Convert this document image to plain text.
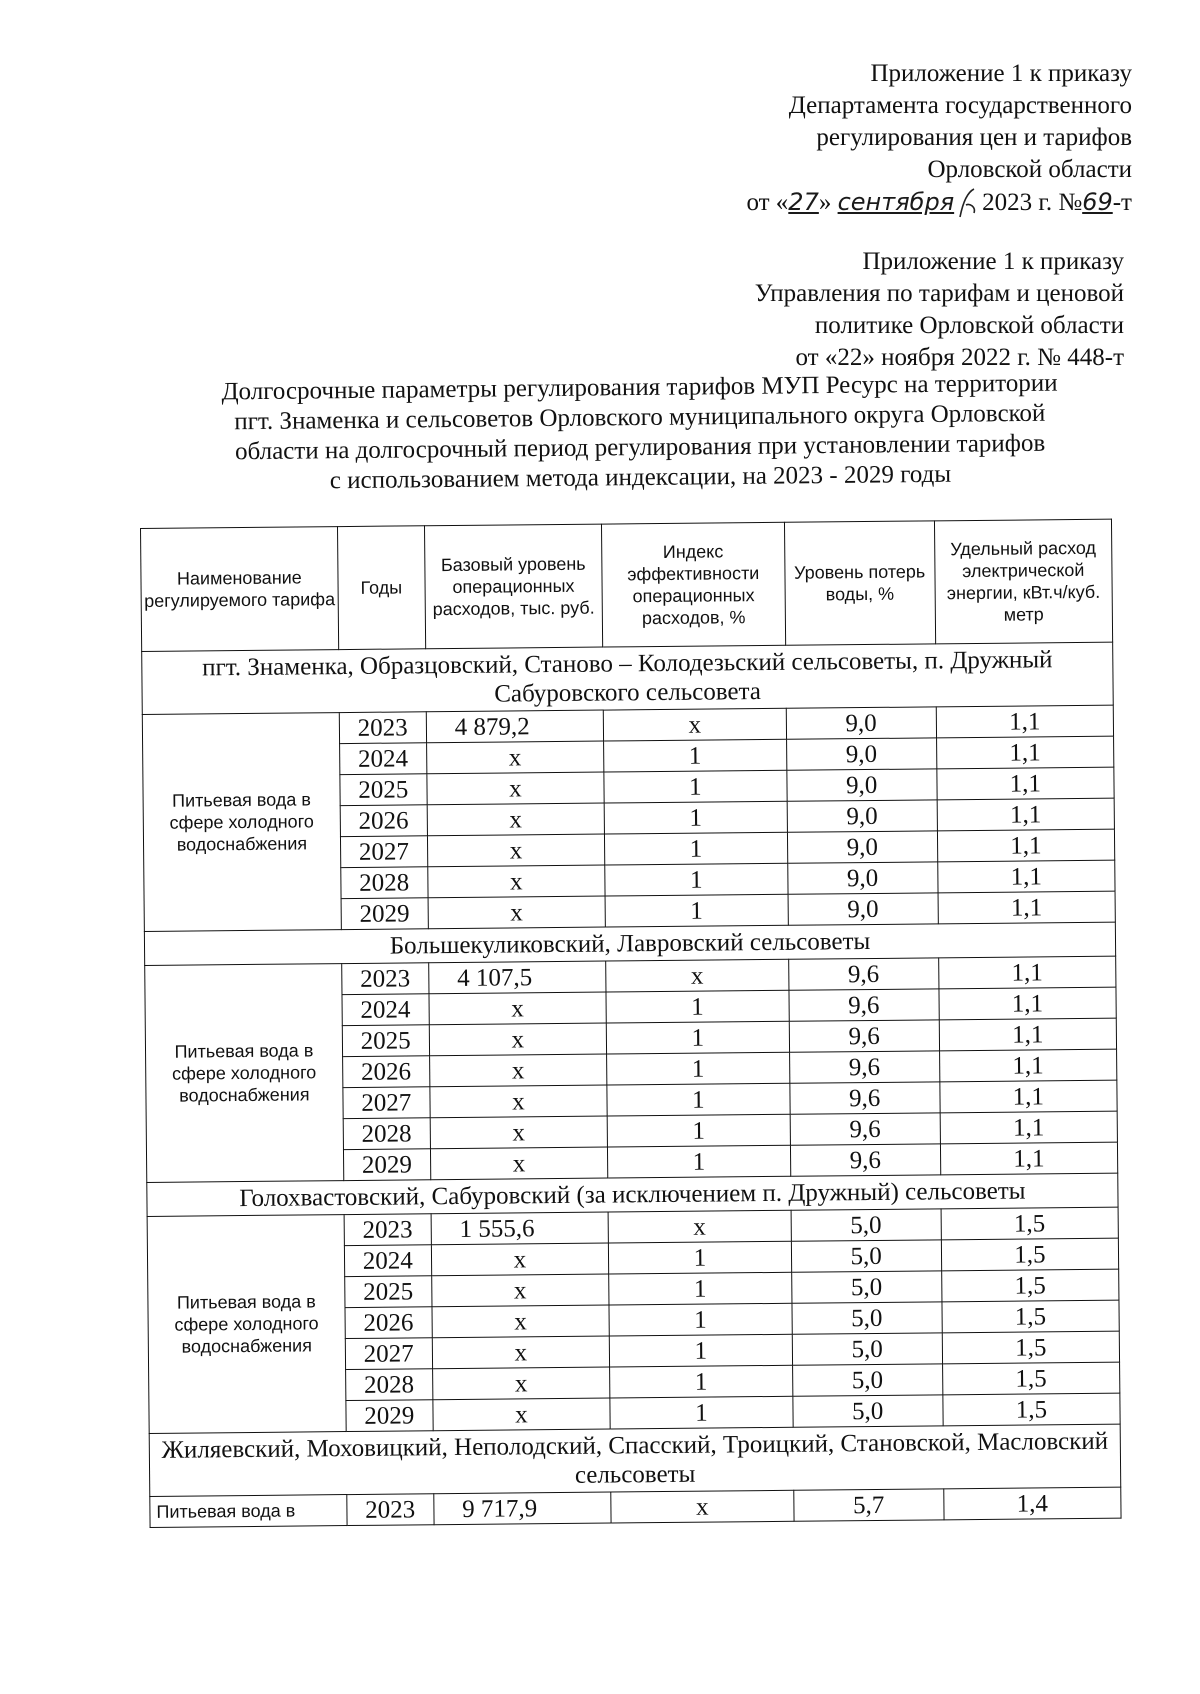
Приложение 1 к приказу
Департамента государственного
регулирования цен и тарифов
Орловской области
от «27» сентября 2023 г. №69-т
Приложение 1 к приказу
Управления по тарифам и ценовой
политике Орловской области
от «22» ноября 2022 г. № 448-т
Долгосрочные параметры регулирования тарифов МУП Ресурс на территории
пгт. Знаменка и сельсоветов Орловского муниципального округа Орловской
области на долгосрочный период регулирования при установлении тарифов
с использованием метода индексации, на 2023 - 2029 годы
Наименование регулируемого тарифа	Годы	Базовый уровень операционных расходов, тыс. руб.	Индекс эффективности операционных расходов, %	Уровень потерь воды, %	Удельный расход электрической энергии, кВт.ч/куб. метр
пгт. Знаменка, Образцовский, Станово – Колодезьский сельсоветы, п. Дружный Сабуровского сельсовета					
Питьевая вода в сфере холодного водоснабжения	2023	4 879,2	х	9,0	1,1
	2024	х	1	9,0	1,1
	2025	х	1	9,0	1,1
	2026	х	1	9,0	1,1
	2027	х	1	9,0	1,1
	2028	х	1	9,0	1,1
	2029	х	1	9,0	1,1
Большекуликовский, Лавровский сельсоветы					
Питьевая вода в сфере холодного водоснабжения	2023	4 107,5	х	9,6	1,1
	2024	х	1	9,6	1,1
	2025	х	1	9,6	1,1
	2026	х	1	9,6	1,1
	2027	х	1	9,6	1,1
	2028	х	1	9,6	1,1
	2029	х	1	9,6	1,1
Голохвастовский, Сабуровский (за исключением п. Дружный) сельсоветы					
Питьевая вода в сфере холодного водоснабжения	2023	1 555,6	х	5,0	1,5
	2024	х	1	5,0	1,5
	2025	х	1	5,0	1,5
	2026	х	1	5,0	1,5
	2027	х	1	5,0	1,5
	2028	х	1	5,0	1,5
	2029	х	1	5,0	1,5
Жиляевский, Моховицкий, Неполодский, Спасский, Троицкий, Становской, Масловский сельсоветы					
Питьевая вода в	2023	9 717,9	х	5,7	1,4
